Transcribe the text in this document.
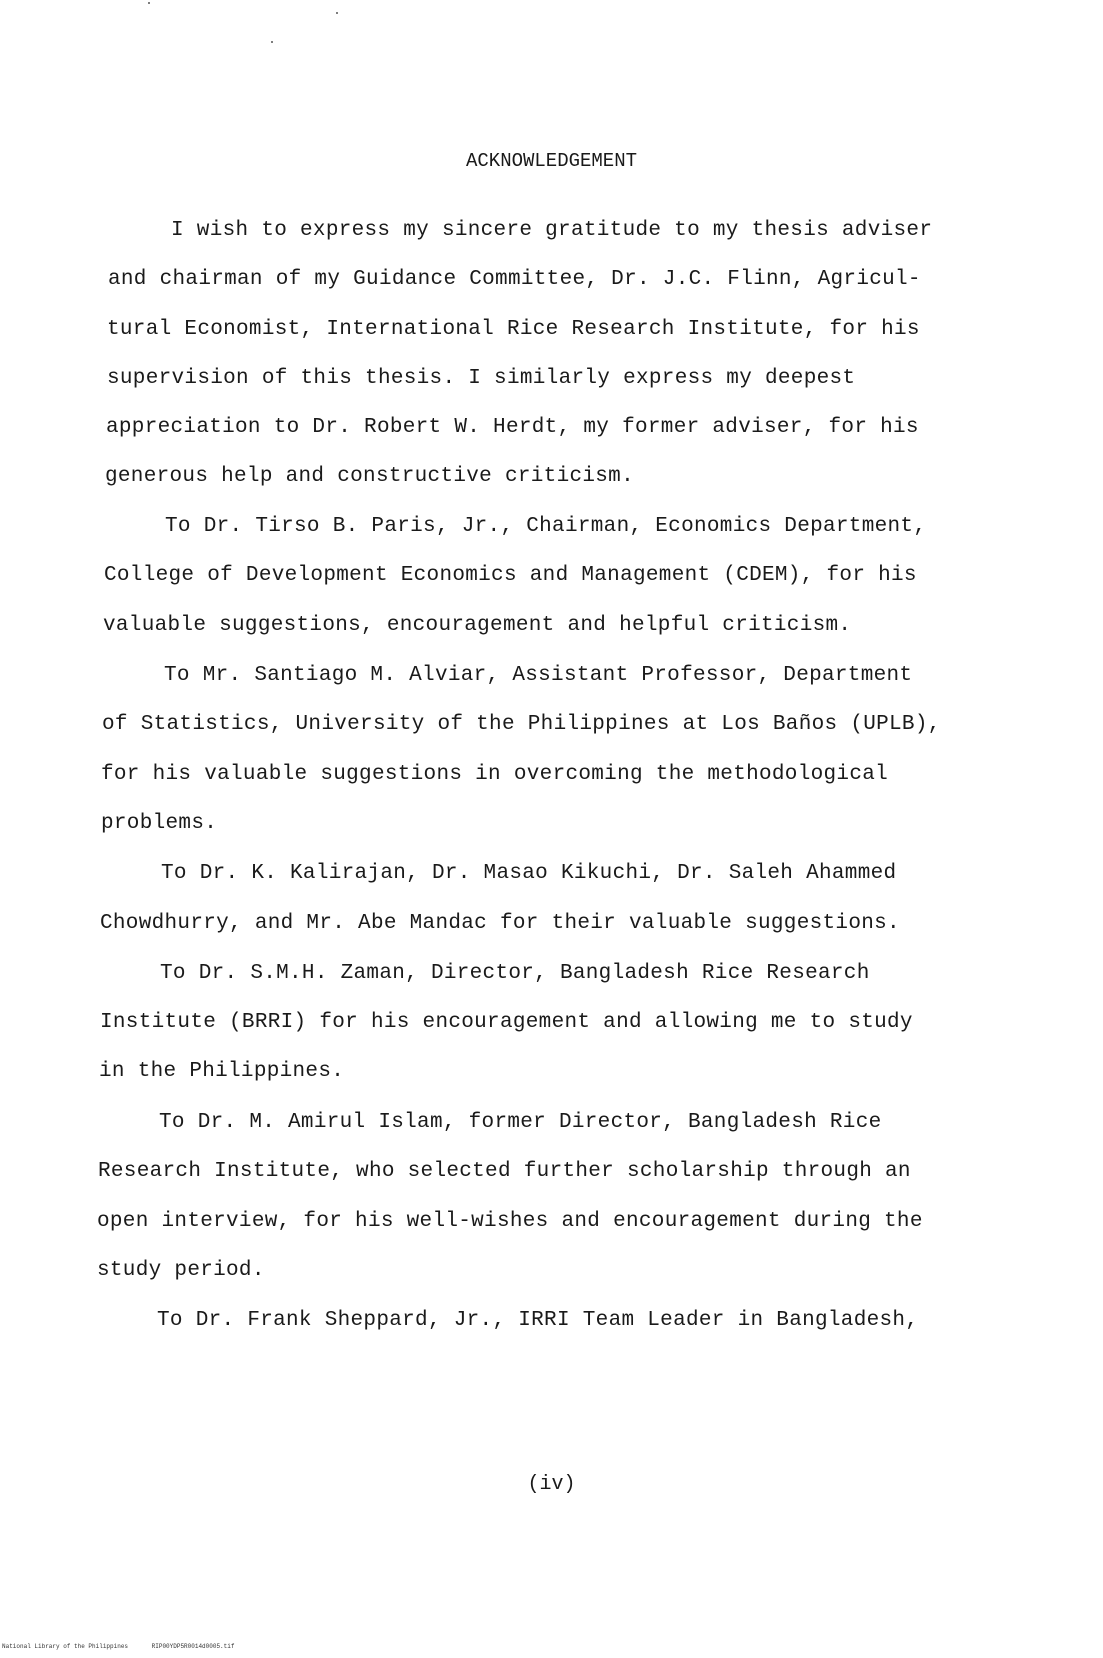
ACKNOWLEDGEMENT
I wish to express my sincere gratitude to my thesis adviser
and chairman of my Guidance Committee, Dr. J.C. Flinn, Agricul-
tural Economist, International Rice Research Institute, for his
supervision of this thesis. I similarly express my deepest
appreciation to Dr. Robert W. Herdt, my former adviser, for his
generous help and constructive criticism.
To Dr. Tirso B. Paris, Jr., Chairman, Economics Department,
College of Development Economics and Management (CDEM), for his
valuable suggestions, encouragement and helpful criticism.
To Mr. Santiago M. Alviar, Assistant Professor, Department
of Statistics, University of the Philippines at Los Baños (UPLB),
for his valuable suggestions in overcoming the methodological
problems.
To Dr. K. Kalirajan, Dr. Masao Kikuchi, Dr. Saleh Ahammed
Chowdhurry, and Mr. Abe Mandac for their valuable suggestions.
To Dr. S.M.H. Zaman, Director, Bangladesh Rice Research
Institute (BRRI) for his encouragement and allowing me to study
in the Philippines.
To Dr. M. Amirul Islam, former Director, Bangladesh Rice
Research Institute, who selected further scholarship through an
open interview, for his well-wishes and encouragement during the
study period.
To Dr. Frank Sheppard, Jr., IRRI Team Leader in Bangladesh,
(iv)
National Library of the Philippines	RIP00YDP5R0014d0005.tif
